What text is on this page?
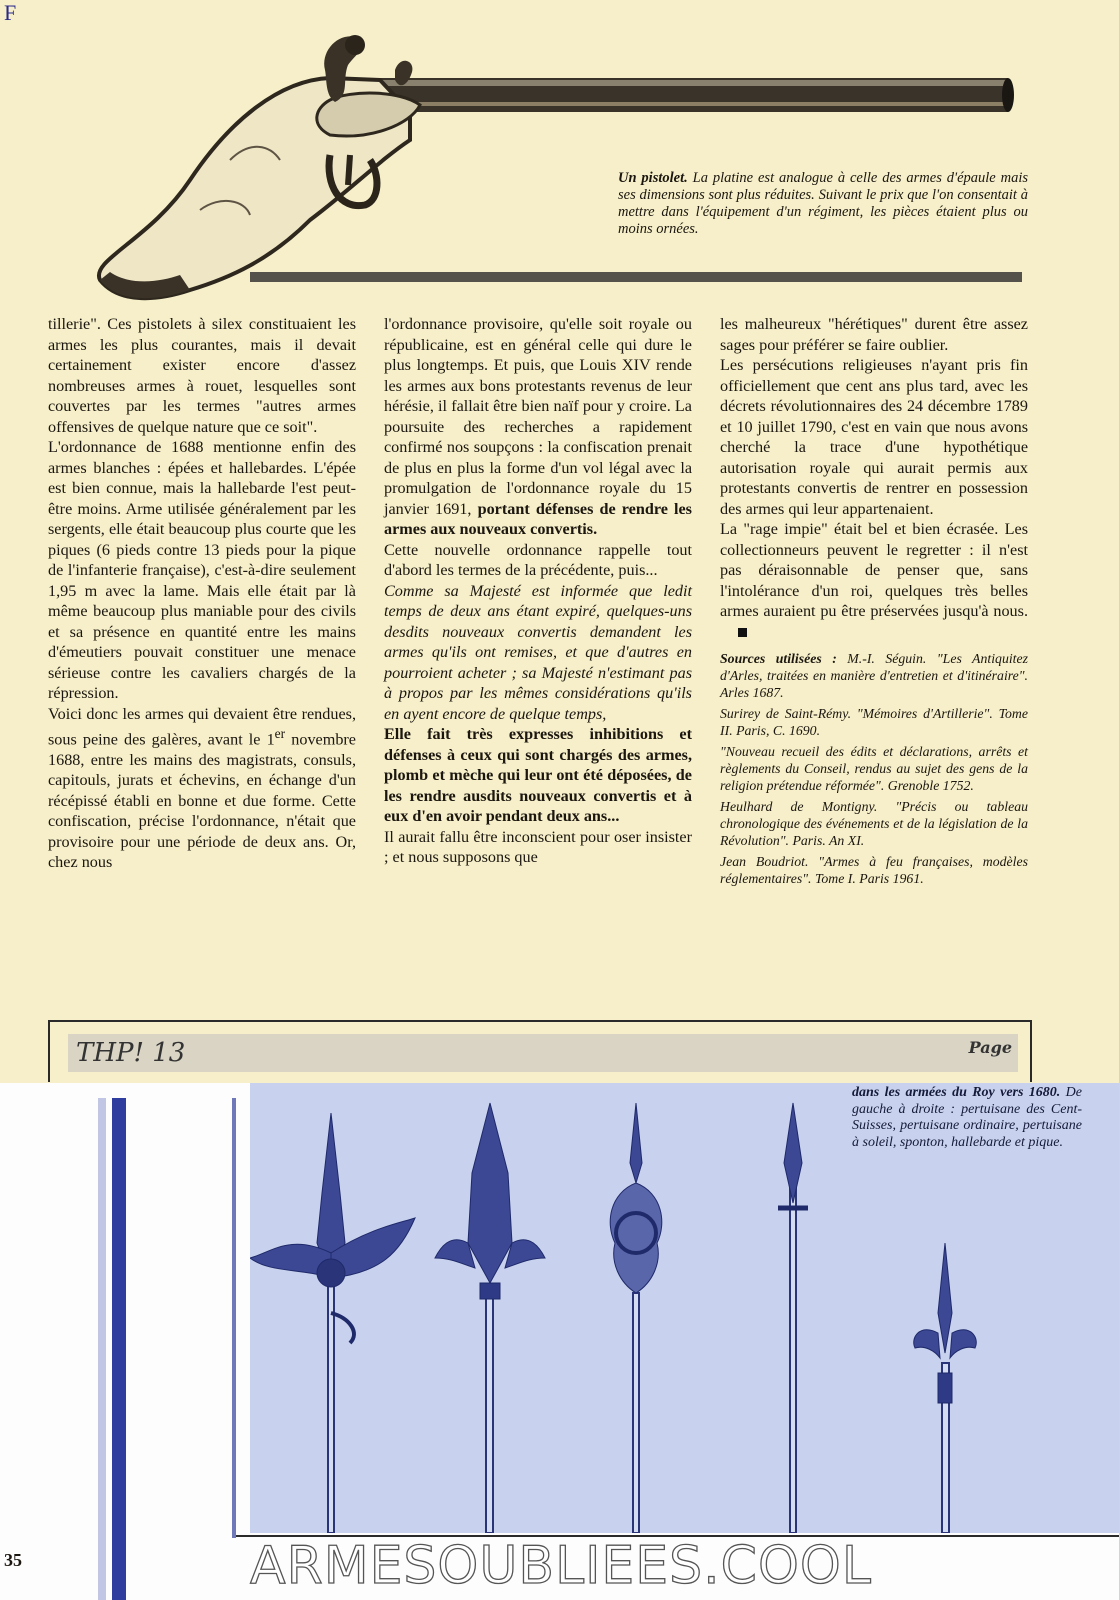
F
Un pistolet. La platine est analogue à celle des armes d'épaule mais ses dimensions sont plus réduites. Suivant le prix que l'on consentait à mettre dans l'équipement d'un régiment, les pièces étaient plus ou moins ornées.

tillerie". Ces pistolets à silex constituaient les armes les plus courantes, mais il devait certainement exister encore d'assez nombreuses armes à rouet, lesquelles sont couvertes par les termes "autres armes offensives de quelque nature que ce soit".

L'ordonnance de 1688 mentionne enfin des armes blanches : épées et hallebardes. L'épée est bien connue, mais la hallebarde l'est peut-être moins. Arme utilisée généralement par les sergents, elle était beaucoup plus courte que les piques (6 pieds contre 13 pieds pour la pique de l'infanterie française), c'est-à-dire seulement 1,95 m avec la lame. Mais elle était par là même beaucoup plus maniable pour des civils et sa présence en quantité entre les mains d'émeutiers pouvait constituer une menace sérieuse contre les cavaliers chargés de la répression.

Voici donc les armes qui devaient être rendues, sous peine des galères, avant le 1er novembre 1688, entre les mains des magistrats, consuls, capitouls, jurats et échevins, en échange d'un récépissé établi en bonne et due forme. Cette confiscation, précise l'ordonnance, n'était que provisoire pour une période de deux ans. Or, chez nous

l'ordonnance provisoire, qu'elle soit royale ou républicaine, est en général celle qui dure le plus longtemps. Et puis, que Louis XIV rende les armes aux bons protestants revenus de leur hérésie, il fallait être bien naïf pour y croire. La poursuite des recherches a rapidement confirmé nos soupçons : la confiscation prenait de plus en plus la forme d'un vol légal avec la promulgation de l'ordonnance royale du 15 janvier 1691, portant défenses de rendre les armes aux nouveaux convertis.

Cette nouvelle ordonnance rappelle tout d'abord les termes de la précédente, puis...

Comme sa Majesté est informée que ledit temps de deux ans étant expiré, quelques-uns desdits nouveaux convertis demandent les armes qu'ils ont remises, et que d'autres en pourroient acheter ; sa Majesté n'estimant pas à propos par les mêmes considérations qu'ils en ayent encore de quelque temps,

Elle fait très expresses inhibitions et défenses à ceux qui sont chargés des armes, plomb et mèche qui leur ont été déposées, de les rendre ausdits nouveaux convertis et à eux d'en avoir pendant deux ans...

Il aurait fallu être inconscient pour oser insister ; et nous supposons que

les malheureux "hérétiques" durent être assez sages pour préférer se faire oublier.

Les persécutions religieuses n'ayant pris fin officiellement que cent ans plus tard, avec les décrets révolutionnaires des 24 décembre 1789 et 10 juillet 1790, c'est en vain que nous avons cherché la trace d'une hypothétique autorisation royale qui aurait permis aux protestants convertis de rentrer en possession des armes qui leur appartenaient.

La "rage impie" était bel et bien écrasée. Les collectionneurs peuvent le regretter : il n'est pas déraisonnable de penser que, sans l'intolérance d'un roi, quelques très belles armes auraient pu être préservées jusqu'à nous.

Sources utilisées : M.-I. Séguin. "Les Antiquitez d'Arles, traitées en manière d'entretien et d'itinéraire". Arles 1687.

Surirey de Saint-Rémy. "Mémoires d'Artillerie". Tome II. Paris, C. 1690.

"Nouveau recueil des édits et déclarations, arrêts et règlements du Conseil, rendus au sujet des gens de la religion prétendue réformée". Grenoble 1752.

Heulhard de Montigny. "Précis ou tableau chronologique des événements et de la législation de la Révolution". Paris. An XI.

Jean Boudriot. "Armes à feu françaises, modèles réglementaires". Tome I. Paris 1961.

THP! 13	Page
dans les armées du Roy vers 1680. De gauche à droite : pertuisane des Cent-Suisses, pertuisane ordinaire, pertuisane à soleil, sponton, hallebarde et pique.
35	ARMESOUBLIEES.COOL
